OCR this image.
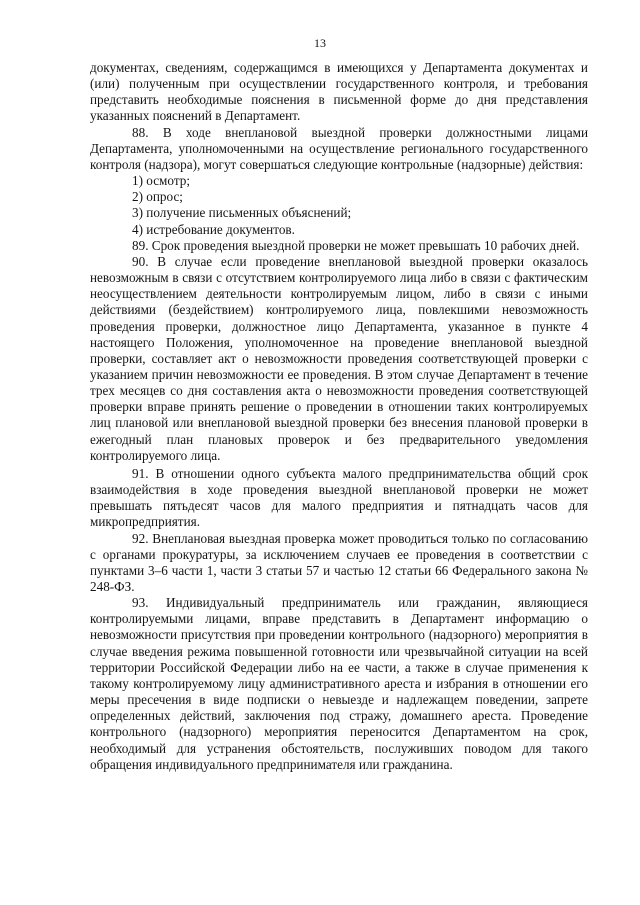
13

документах, сведениям, содержащимся в имеющихся у Департамента документах и (или) полученным при осуществлении государственного контроля, и требования представить необходимые пояснения в письменной форме до дня представления указанных пояснений в Департамент.

88. В ходе внеплановой выездной проверки должностными лицами Департамента, уполномоченными на осуществление регионального государственного контроля (надзора), могут совершаться следующие контрольные (надзорные) действия:

1) осмотр;

2) опрос;

3) получение письменных объяснений;

4) истребование документов.

89. Срок проведения выездной проверки не может превышать 10 рабочих дней.

90. В случае если проведение внеплановой выездной проверки оказалось невозможным в связи с отсутствием контролируемого лица либо в связи с фактическим неосуществлением деятельности контролируемым лицом, либо в связи с иными действиями (бездействием) контролируемого лица, повлекшими невозможность проведения проверки, должностное лицо Департамента, указанное в пункте 4 настоящего Положения, уполномоченное на проведение внеплановой выездной проверки, составляет акт о невозможности проведения соответствующей проверки с указанием причин невозможности ее проведения. В этом случае Департамент в течение трех месяцев со дня составления акта о невозможности проведения соответствующей проверки вправе принять решение о проведении в отношении таких контролируемых лиц плановой или внеплановой выездной проверки без внесения плановой проверки в ежегодный план плановых проверок и без предварительного уведомления контролируемого лица.

91. В отношении одного субъекта малого предпринимательства общий срок взаимодействия в ходе проведения выездной внеплановой проверки не может превышать пятьдесят часов для малого предприятия и пятнадцать часов для микропредприятия.

92. Внеплановая выездная проверка может проводиться только по согласованию с органами прокуратуры, за исключением случаев ее проведения в соответствии с пунктами 3–6 части 1, части 3 статьи 57 и частью 12 статьи 66 Федерального закона № 248-ФЗ.

93. Индивидуальный предприниматель или гражданин, являющиеся контролируемыми лицами, вправе представить в Департамент информацию о невозможности присутствия при проведении контрольного (надзорного) мероприятия в случае введения режима повышенной готовности или чрезвычайной ситуации на всей территории Российской Федерации либо на ее части, а также в случае применения к такому контролируемому лицу административного ареста и избрания в отношении его меры пресечения в виде подписки о невыезде и надлежащем поведении, запрете определенных действий, заключения под стражу, домашнего ареста. Проведение контрольного (надзорного) мероприятия переносится Департаментом на срок, необходимый для устранения обстоятельств, послуживших поводом для такого обращения индивидуального предпринимателя или гражданина.
